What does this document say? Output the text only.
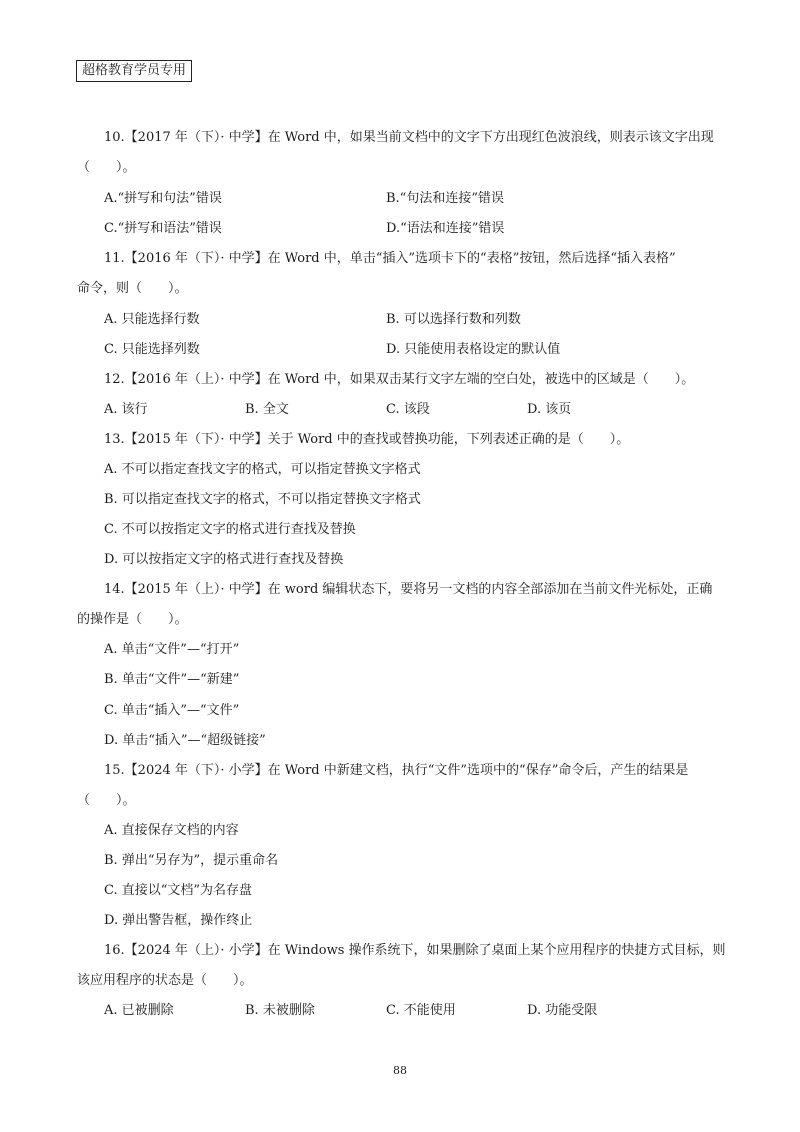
超格教育学员专用
10.【2017 年（下）· 中学】在 Word 中，如果当前文档中的文字下方出现红色波浪线，则表示该文字出现
（　　）。
A.“拼写和句法”错误	B.“句法和连接”错误
C.“拼写和语法”错误	D.“语法和连接”错误
11.【2016 年（下）· 中学】在 Word 中，单击“插入”选项卡下的“表格”按钮，然后选择“插入表格”
命令，则（　　）。
A. 只能选择行数	B. 可以选择行数和列数
C. 只能选择列数	D. 只能使用表格设定的默认值
12.【2016 年（上）· 中学】在 Word 中，如果双击某行文字左端的空白处，被选中的区域是（　　）。
A. 该行	B. 全文	C. 该段	D. 该页
13.【2015 年（下）· 中学】关于 Word 中的查找或替换功能，下列表述正确的是（　　）。
A. 不可以指定查找文字的格式，可以指定替换文字格式
B. 可以指定查找文字的格式，不可以指定替换文字格式
C. 不可以按指定文字的格式进行查找及替换
D. 可以按指定文字的格式进行查找及替换
14.【2015 年（上）· 中学】在 word 编辑状态下，要将另一文档的内容全部添加在当前文件光标处，正确
的操作是（　　）。
A. 单击“文件”—“打开”
B. 单击“文件”—“新建”
C. 单击“插入”—“文件”
D. 单击“插入”—“超级链接”
15.【2024 年（下）· 小学】在 Word 中新建文档，执行“文件”选项中的“保存”命令后，产生的结果是
（　　）。
A. 直接保存文档的内容
B. 弹出“另存为”，提示重命名
C. 直接以“文档”为名存盘
D. 弹出警告框，操作终止
16.【2024 年（上）· 小学】在 Windows 操作系统下，如果删除了桌面上某个应用程序的快捷方式目标，则
该应用程序的状态是（　　）。
A. 已被删除	B. 未被删除	C. 不能使用	D. 功能受限
88
